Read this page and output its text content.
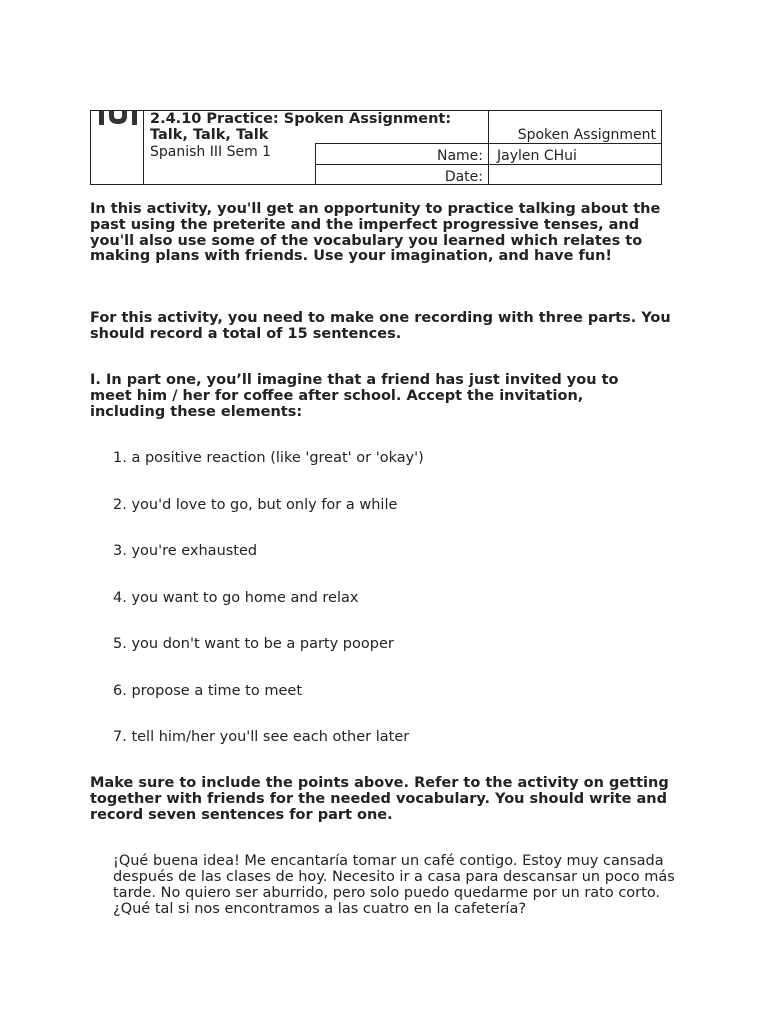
2.4.10 Practice: Spoken Assignment: Talk, Talk, Talk	Spoken Assignment
Spanish III Sem 1	Name: Jaylen CHui
Date:

In this activity, you'll get an opportunity to practice talking about the past using the preterite and the imperfect progressive tenses, and you'll also use some of the vocabulary you learned which relates to making plans with friends. Use your imagination, and have fun!

For this activity, you need to make one recording with three parts. You should record a total of 15 sentences.

I. In part one, you’ll imagine that a friend has just invited you to meet him / her for coffee after school. Accept the invitation, including these elements:

1. a positive reaction (like 'great' or 'okay')
2. you'd love to go, but only for a while
3. you're exhausted
4. you want to go home and relax
5. you don't want to be a party pooper
6. propose a time to meet
7. tell him/her you'll see each other later

Make sure to include the points above. Refer to the activity on getting together with friends for the needed vocabulary. You should write and record seven sentences for part one.

¡Qué buena idea! Me encantaría tomar un café contigo. Estoy muy cansada después de las clases de hoy. Necesito ir a casa para descansar un poco más tarde. No quiero ser aburrido, pero solo puedo quedarme por un rato corto. ¿Qué tal si nos encontramos a las cuatro en la cafetería?
